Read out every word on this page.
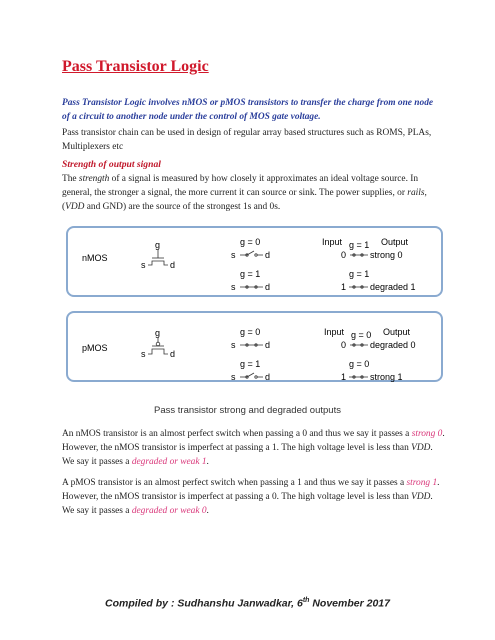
Pass Transistor Logic
Pass Transistor Logic involves nMOS or pMOS transistors to transfer the charge from one node of a circuit to another node under the control of MOS gate voltage.
Pass transistor chain can be used in design of regular array based structures such as ROMS, PLAs, Multiplexers etc
Strength of output signal
The strength of a signal is measured by how closely it approximates an ideal voltage source. In general, the stronger a signal, the more current it can source or sink. The power supplies, or rails, (VDD and GND) are the source of the strongest 1s and 0s.
nMOS
g
s	d
g = 0
s	d
g = 1
s	d
Input g = 1 Output
0	strong 0
g = 1
1	degraded 1
pMOS
g
s	d
g = 0
s	d
g = 1
s	d
Input g = 0 Output
0	degraded 0
g = 0
1	strong 1
Pass transistor strong and degraded outputs
An nMOS transistor is an almost perfect switch when passing a 0 and thus we say it passes a strong 0. However, the nMOS transistor is imperfect at passing a 1. The high voltage level is less than VDD. We say it passes a degraded or weak 1.
A pMOS transistor is an almost perfect switch when passing a 1 and thus we say it passes a strong 1. However, the nMOS transistor is imperfect at passing a 0. The high voltage level is less than VDD. We say it passes a degraded or weak 0.
Compiled by : Sudhanshu Janwadkar, 6th November 2017
